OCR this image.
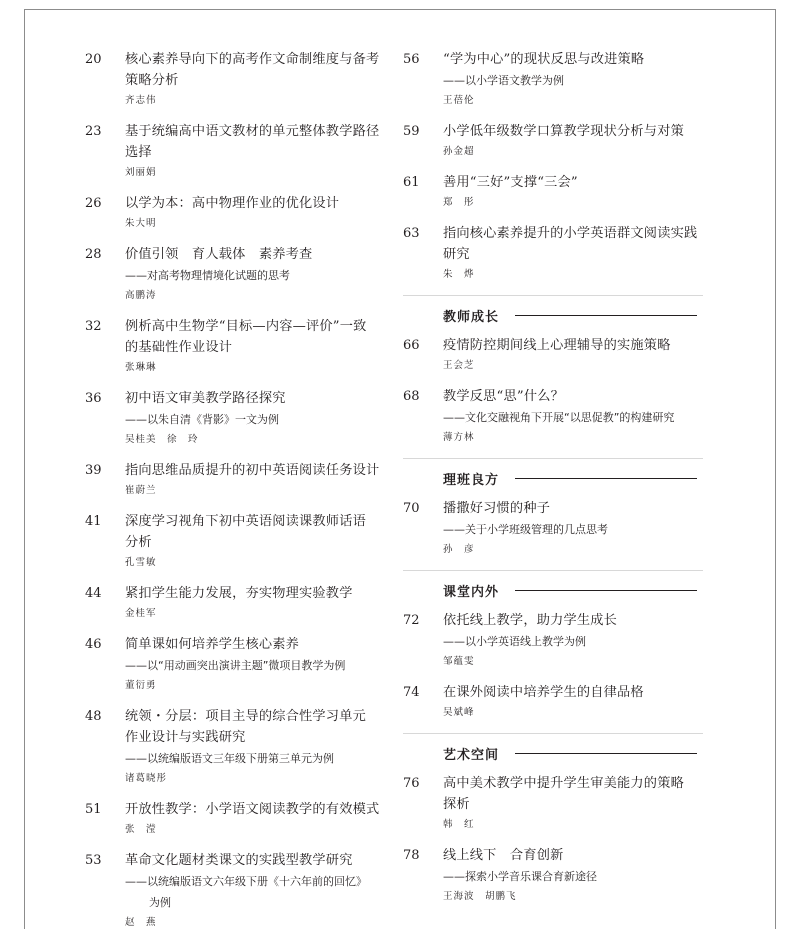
20	核心素养导向下的高考作文命制维度与备考
策略分析
齐志伟
23	基于统编高中语文教材的单元整体教学路径
选择
刘丽娟
26	以学为本：高中物理作业的优化设计
朱大明
28	价值引领　育人载体　素养考查
——对高考物理情境化试题的思考
高鹏涛
32	例析高中生物学“目标—内容—评价”一致
的基础性作业设计
张琳琳
36	初中语文审美教学路径探究
——以朱自清《背影》一文为例
吴桂美　徐　玲
39	指向思维品质提升的初中英语阅读任务设计
崔蔚兰
41	深度学习视角下初中英语阅读课教师话语
分析
孔雪敏
44	紧扣学生能力发展，夯实物理实验教学
金桂军
46	简单课如何培养学生核心素养
——以“用动画突出演讲主题”微项目教学为例
董衍勇
48	统领・分层：项目主导的综合性学习单元
作业设计与实践研究
——以统编版语文三年级下册第三单元为例
诸葛晓彤
51	开放性教学：小学语文阅读教学的有效模式
张　滢
53	革命文化题材类课文的实践型教学研究
——以统编版语文六年级下册《十六年前的回忆》
为例
赵　燕
56	“学为中心”的现状反思与改进策略
——以小学语文教学为例
王蓓伦
59	小学低年级数学口算教学现状分析与对策
孙金超
61	善用“三好”支撑“三会”
郑　彤
63	指向核心素养提升的小学英语群文阅读实践
研究
朱　烨
教师成长
66	疫情防控期间线上心理辅导的实施策略
王会芝
68	教学反思“思”什么？
——文化交融视角下开展“以思促教”的构建研究
薄方林
理班良方
70	播撒好习惯的种子
——关于小学班级管理的几点思考
孙　彦
课堂内外
72	依托线上教学，助力学生成长
——以小学英语线上教学为例
邹蕴雯
74	在课外阅读中培养学生的自律品格
吴斌峰
艺术空间
76	高中美术教学中提升学生审美能力的策略
探析
韩　红
78	线上线下　合育创新
——探索小学音乐课合育新途径
王海波　胡鹏飞
